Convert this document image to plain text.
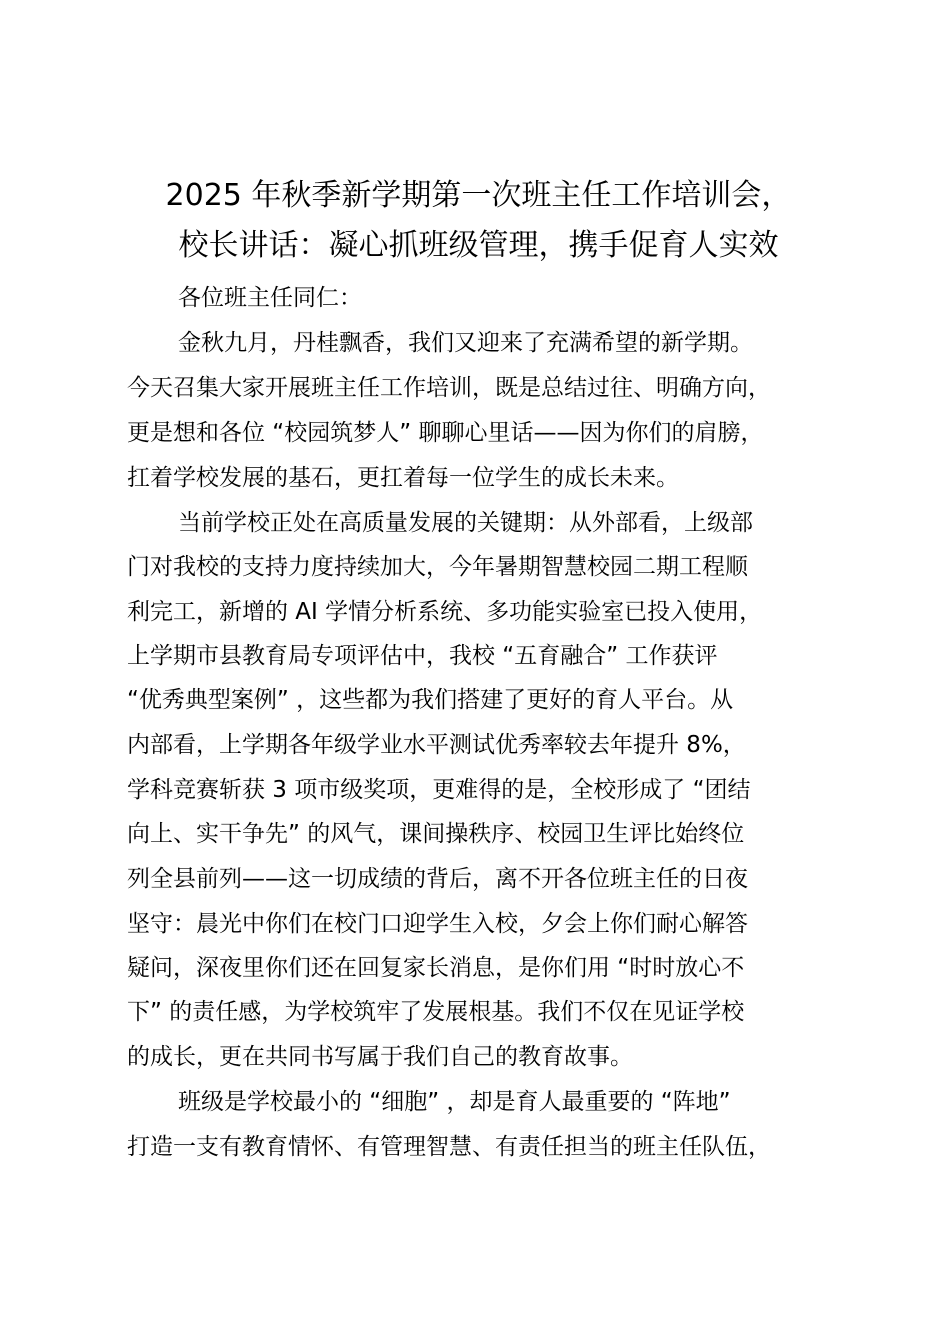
2025 年秋季新学期第一次班主任工作培训会，
校长讲话：凝心抓班级管理，携手促育人实效
各位班主任同仁：
金秋九月，丹桂飘香，我们又迎来了充满希望的新学期。
今天召集大家开展班主任工作培训，既是总结过往、明确方向，
更是想和各位 “校园筑梦人” 聊聊心里话——因为你们的肩膀，
扛着学校发展的基石，更扛着每一位学生的成长未来。
当前学校正处在高质量发展的关键期：从外部看，上级部
门对我校的支持力度持续加大，今年暑期智慧校园二期工程顺
利完工，新增的 AI 学情分析系统、多功能实验室已投入使用，
上学期市县教育局专项评估中，我校 “五育融合” 工作获评
“优秀典型案例” ，这些都为我们搭建了更好的育人平台。从
内部看，上学期各年级学业水平测试优秀率较去年提升 8%，
学科竞赛斩获 3 项市级奖项，更难得的是，全校形成了 “团结
向上、实干争先” 的风气，课间操秩序、校园卫生评比始终位
列全县前列——这一切成绩的背后，离不开各位班主任的日夜
坚守：晨光中你们在校门口迎学生入校，夕会上你们耐心解答
疑问，深夜里你们还在回复家长消息，是你们用 “时时放心不
下” 的责任感，为学校筑牢了发展根基。我们不仅在见证学校
的成长，更在共同书写属于我们自己的教育故事。
班级是学校最小的 “细胞” ，却是育人最重要的 “阵地”
打造一支有教育情怀、有管理智慧、有责任担当的班主任队伍，
